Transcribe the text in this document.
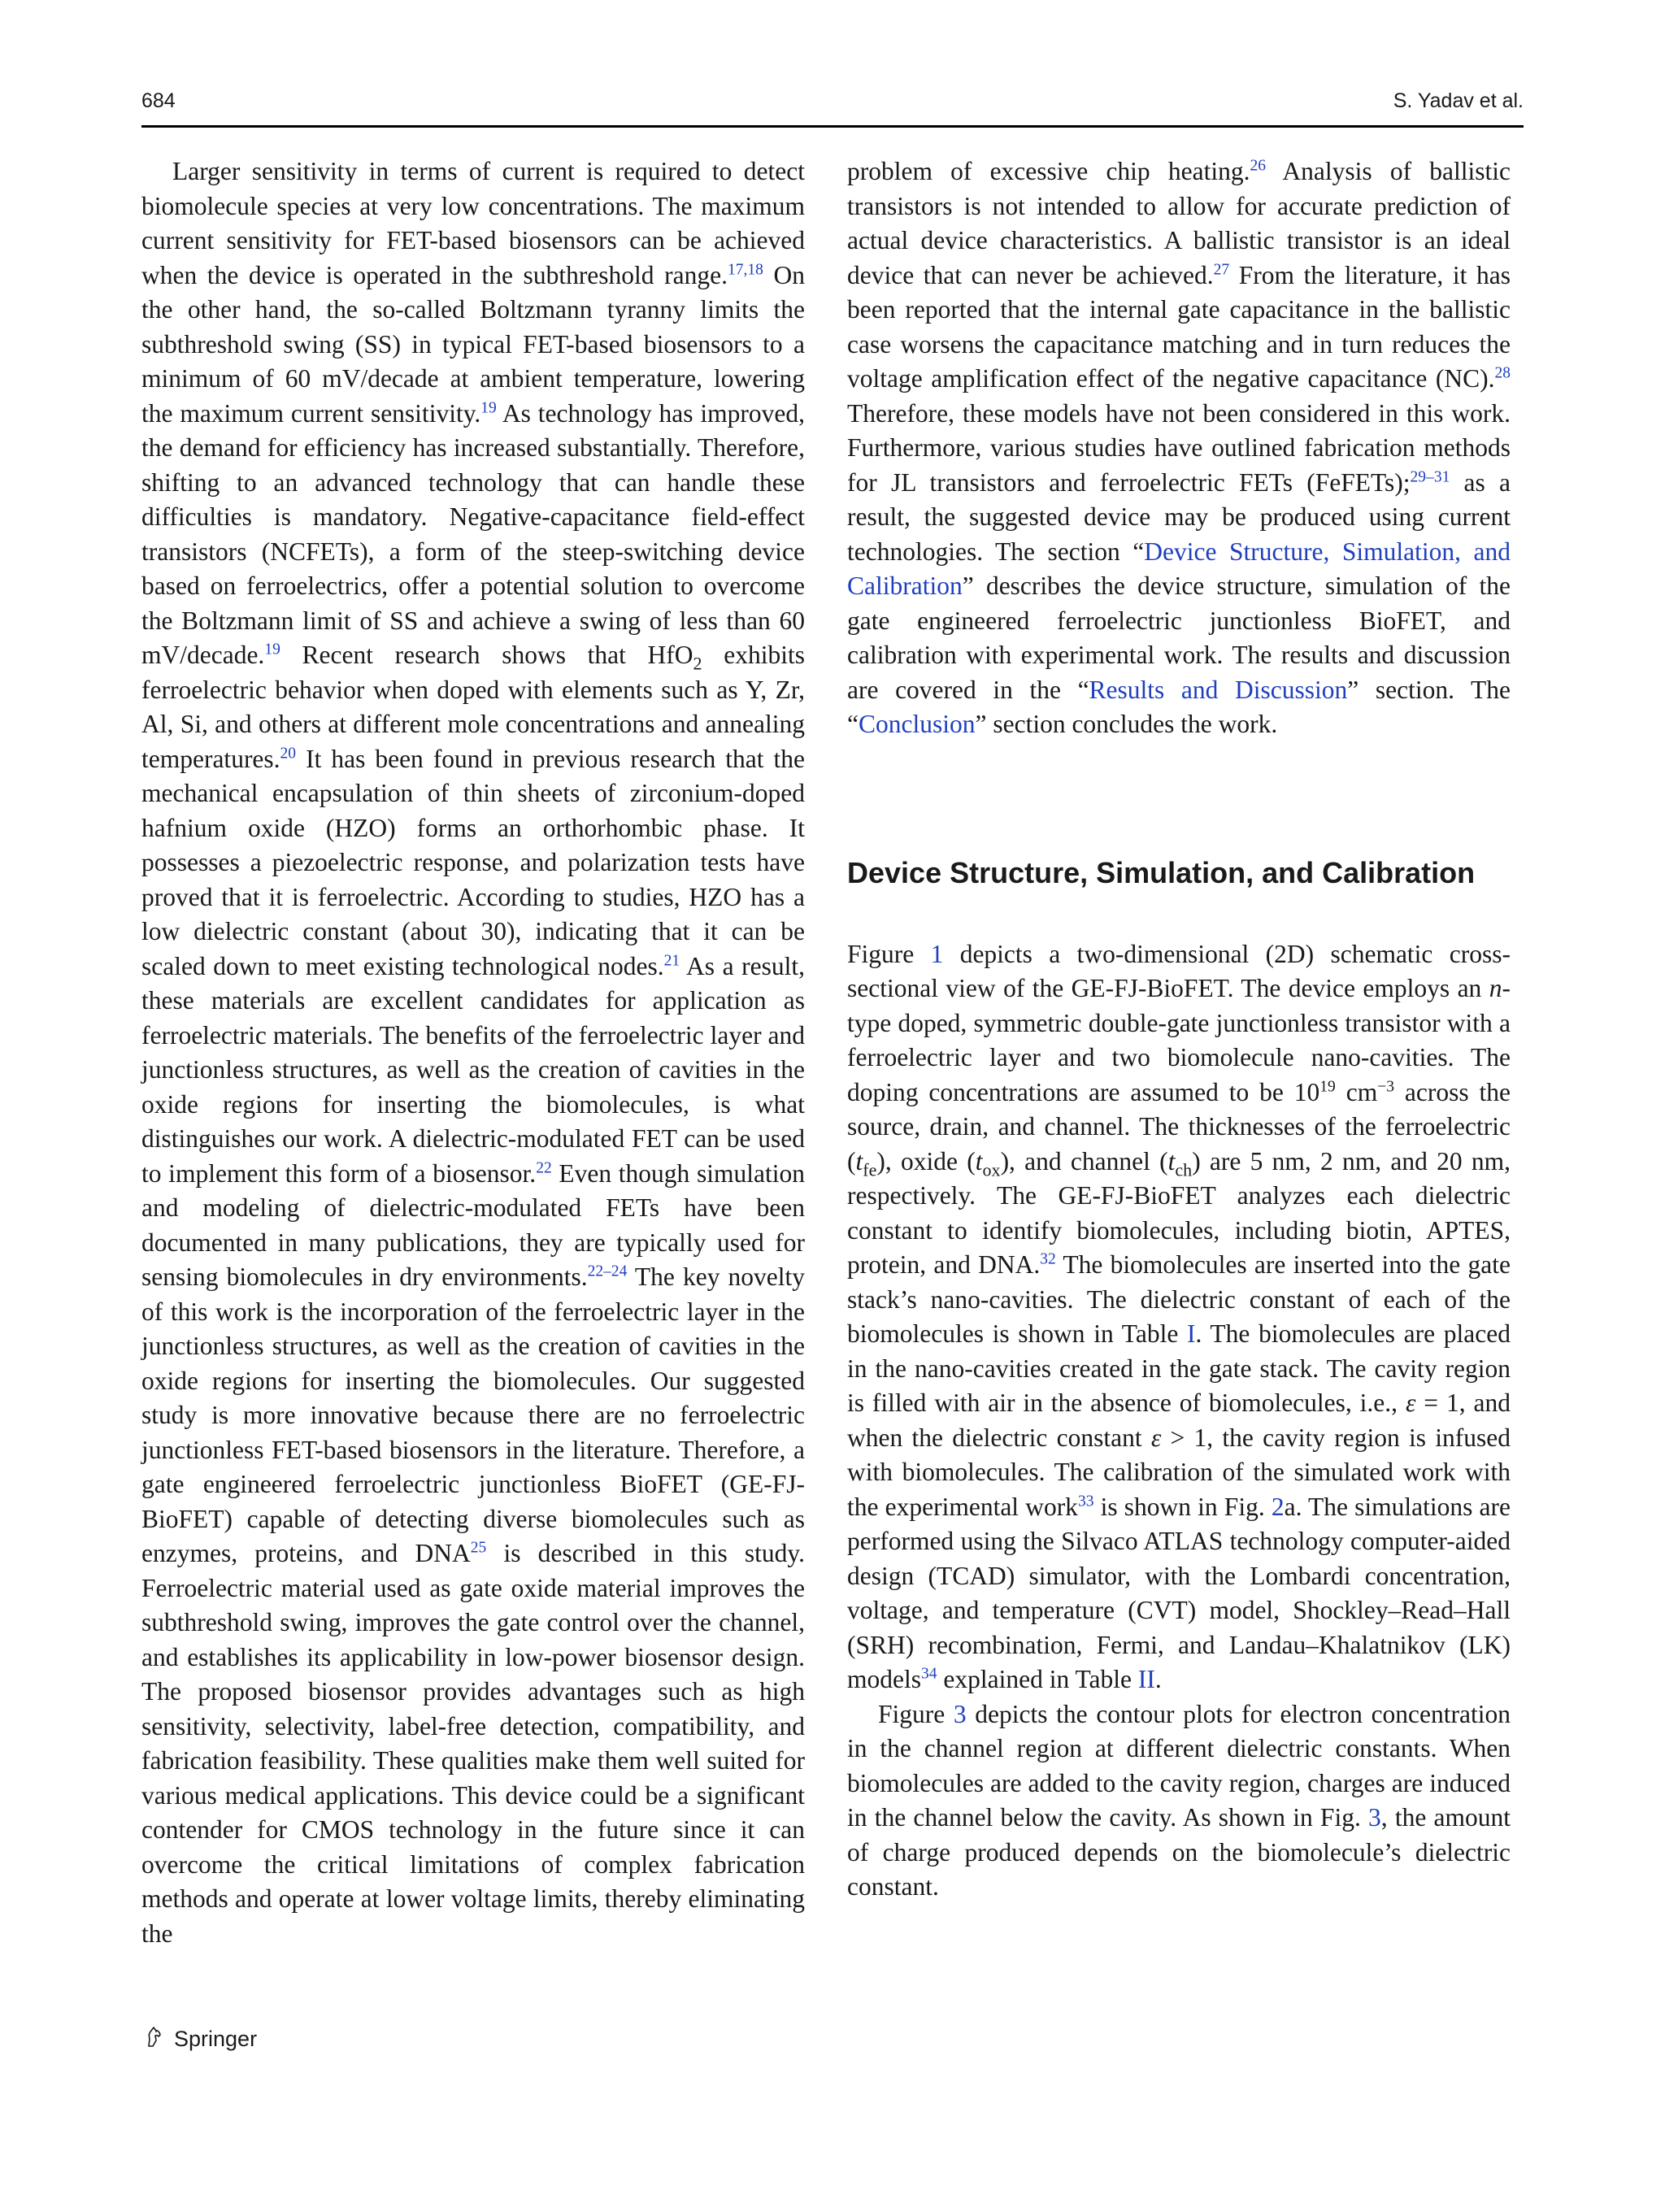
684	S. Yadav et al.

Larger sensitivity in terms of current is required to detect biomolecule species at very low concentrations. The maximum current sensitivity for FET-based biosensors can be achieved when the device is operated in the subthreshold range.$^{17,18}$ On the other hand, the so-called Boltzmann tyranny limits the subthreshold swing (SS) in typical FET-based biosensors to a minimum of 60 mV/decade at ambient temperature, lowering the maximum current sensitivity.$^{19}$ As technology has improved, the demand for efficiency has increased substantially. Therefore, shifting to an advanced technology that can handle these difficulties is mandatory. Negative-capacitance field-effect transistors (NCFETs), a form of the steep-switching device based on ferroelectrics, offer a potential solution to overcome the Boltzmann limit of SS and achieve a swing of less than 60 mV/decade.$^{19}$ Recent research shows that HfO$_2$ exhibits ferroelectric behavior when doped with elements such as Y, Zr, Al, Si, and others at different mole concentrations and annealing temperatures.$^{20}$ It has been found in previous research that the mechanical encapsulation of thin sheets of zirconium-doped hafnium oxide (HZO) forms an orthorhombic phase. It possesses a piezoelectric response, and polarization tests have proved that it is ferroelectric. According to studies, HZO has a low dielectric constant (about 30), indicating that it can be scaled down to meet existing technological nodes.$^{21}$ As a result, these materials are excellent candidates for application as ferroelectric materials. The benefits of the ferroelectric layer and junctionless structures, as well as the creation of cavities in the oxide regions for inserting the biomolecules, is what distinguishes our work. A dielectric-modulated FET can be used to implement this form of a biosensor.$^{22}$ Even though simulation and modeling of dielectric-modulated FETs have been documented in many publications, they are typically used for sensing biomolecules in dry environments.$^{22-24}$ The key novelty of this work is the incorporation of the ferroelectric layer in the junctionless structures, as well as the creation of cavities in the oxide regions for inserting the biomolecules. Our suggested study is more innovative because there are no ferroelectric junctionless FET-based biosensors in the literature. Therefore, a gate engineered ferroelectric junctionless BioFET (GE-FJ-BioFET) capable of detecting diverse biomolecules such as enzymes, proteins, and DNA$^{25}$ is described in this study. Ferroelectric material used as gate oxide material improves the subthreshold swing, improves the gate control over the channel, and establishes its applicability in low-power biosensor design. The proposed biosensor provides advantages such as high sensitivity, selectivity, label-free detection, compatibility, and fabrication feasibility. These qualities make them well suited for various medical applications. This device could be a significant contender for CMOS technology in the future since it can overcome the critical limitations of complex fabrication methods and operate at lower voltage limits, thereby eliminating the

problem of excessive chip heating.$^{26}$ Analysis of ballistic transistors is not intended to allow for accurate prediction of actual device characteristics. A ballistic transistor is an ideal device that can never be achieved.$^{27}$ From the literature, it has been reported that the internal gate capacitance in the ballistic case worsens the capacitance matching and in turn reduces the voltage amplification effect of the negative capacitance (NC).$^{28}$ Therefore, these models have not been considered in this work. Furthermore, various studies have outlined fabrication methods for JL transistors and ferroelectric FETs (FeFETs);$^{29-31}$ as a result, the suggested device may be produced using current technologies. The section “Device Structure, Simulation, and Calibration” describes the device structure, simulation of the gate engineered ferroelectric junctionless BioFET, and calibration with experimental work. The results and discussion are covered in the “Results and Discussion” section. The “Conclusion” section concludes the work.

Device Structure, Simulation, and Calibration

Figure 1 depicts a two-dimensional (2D) schematic cross-sectional view of the GE-FJ-BioFET. The device employs an n-type doped, symmetric double-gate junctionless transistor with a ferroelectric layer and two biomolecule nano-cavities. The doping concentrations are assumed to be $10^{19}$ $cm^{-3}$ across the source, drain, and channel. The thicknesses of the ferroelectric $(t_{fe})$, oxide $(t_{ox})$, and channel $(t_{ch})$ are 5 nm, 2 nm, and 20 nm, respectively. The GE-FJ-BioFET analyzes each dielectric constant to identify biomolecules, including biotin, APTES, protein, and DNA.$^{32}$ The biomolecules are inserted into the gate stack’s nano-cavities. The dielectric constant of each of the biomolecules is shown in Table I. The biomolecules are placed in the nano-cavities created in the gate stack. The cavity region is filled with air in the absence of biomolecules, i.e., ε = 1, and when the dielectric constant ε > 1, the cavity region is infused with biomolecules. The calibration of the simulated work with the experimental work$^{33}$ is shown in Fig. 2a. The simulations are performed using the Silvaco ATLAS technology computer-aided design (TCAD) simulator, with the Lombardi concentration, voltage, and temperature (CVT) model, Shockley–Read–Hall (SRH) recombination, Fermi, and Landau–Khalatnikov (LK) models$^{34}$ explained in Table II.

Figure 3 depicts the contour plots for electron concentration in the channel region at different dielectric constants. When biomolecules are added to the cavity region, charges are induced in the channel below the cavity. As shown in Fig. 3, the amount of charge produced depends on the biomolecule’s dielectric constant.

Springer
